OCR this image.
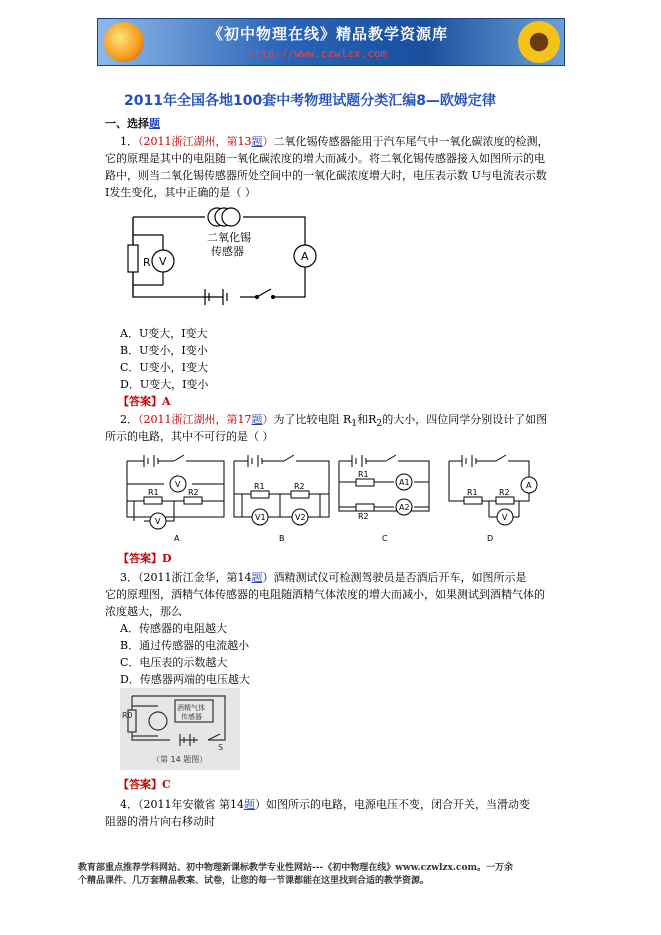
《初中物理在线》精品教学资源库
http://www.czwlzx.com
2011年全国各地100套中考物理试题分类汇编8—欧姆定律
一、选择题
1．（2011浙江湖州，第13题）二氧化锡传感器能用于汽车尾气中一氧化碳浓度的检测，
它的原理是其中的电阻随一氧化碳浓度的增大而减小。将二氧化锡传感器接入如图所示的电
路中，则当二氧化锡传感器所处空间中的一氧化碳浓度增大时，电压表示数 U与电流表示数
I发生变化，其中正确的是（ ）
R V	A
二氧化锡
传感器
A．U变大，I变大
B．U变小，I变小
C．U变小，I变大
D．U变大，I变小
【答案】A
2．（2011浙江湖州，第17题）为了比较电阻 $R_1$和$R_2$的大小，四位同学分别设计了如图
所示的电路，其中不可行的是（ ）
V
R1	R2
V
A
R1	R2
V1	V2
B
R1
R2
A1
A2
C
A
R1	R2
V
D
【答案】D
3．（2011浙江金华，第14题）酒精测试仪可检测驾驶员是否酒后开车，如图所示是
它的原理图，酒精气体传感器的电阻随酒精气体浓度的增大而减小，如果测试到酒精气体的
浓度越大，那么
A．传感器的电阻越大
B．通过传感器的电流越小
C．电压表的示数越大
D．传感器两端的电压越大
R0
酒精气体
传感器
S
（第 14 题图）
【答案】C
4．（2011年安徽省 第14题）如图所示的电路，电源电压不变，闭合开关，当滑动变
阻器的滑片向右移动时
教育部重点推荐学科网站、初中物理新课标教学专业性网站---《初中物理在线》www.czwlzx.com。一万余
个精品课件、几万套精品教案、试卷，让您的每一节课都能在这里找到合适的教学资源。
